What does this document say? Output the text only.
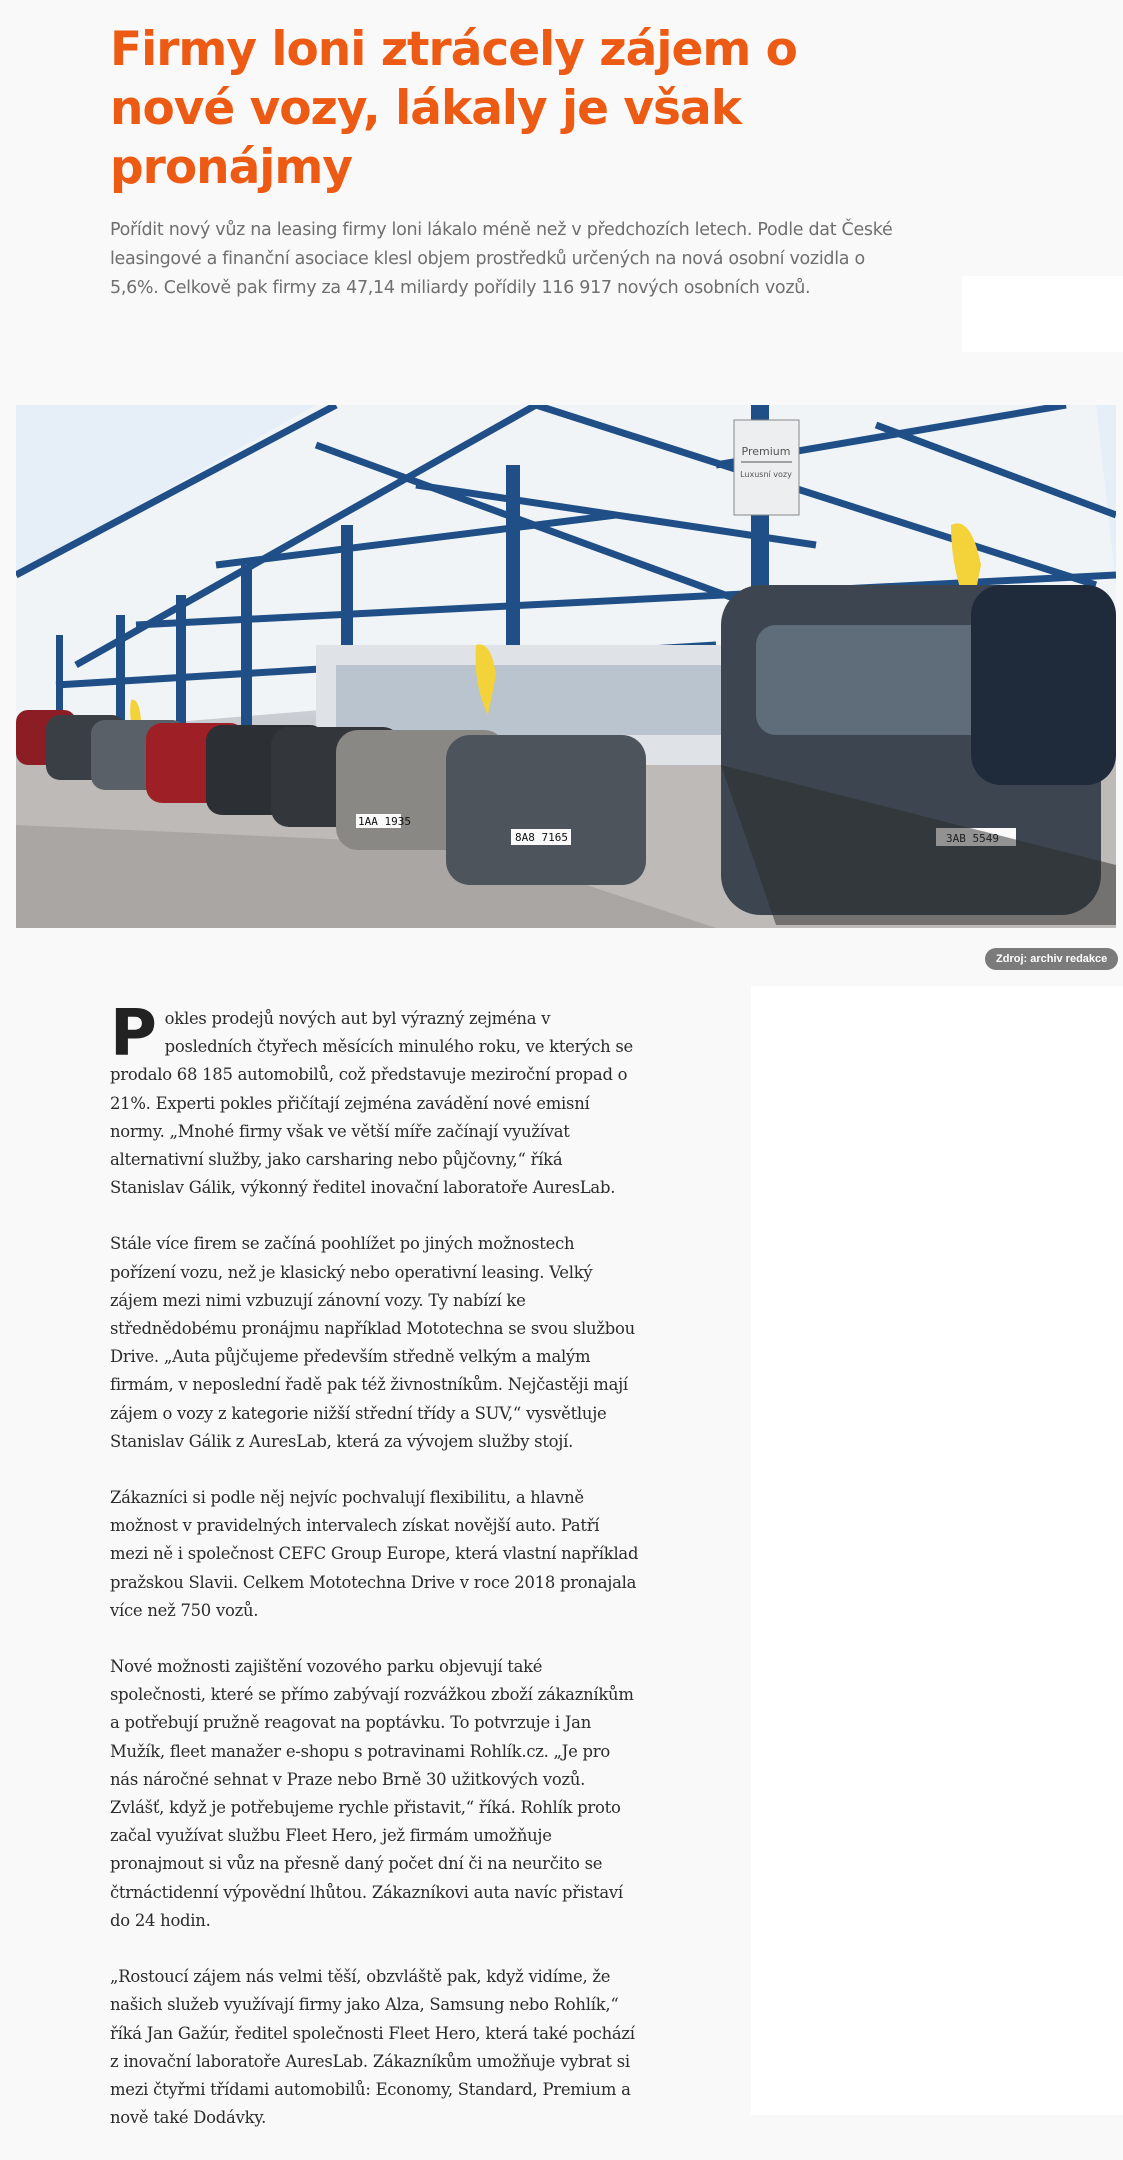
Firmy loni ztrácely zájem o nové vozy, lákaly je však pronájmy

Pořídit nový vůz na leasing firmy loni lákalo méně než v předchozích letech. Podle dat České leasingové a finanční asociace klesl objem prostředků určených na nová osobní vozidla o 5,6%. Celkově pak firmy za 47,14 miliardy pořídily 116 917 nových osobních vozů.

Premium
Luxusní vozy
1AA 1935
8A8 7165
Zdroj: archiv redakce

Pokles prodejů nových aut byl výrazný zejména v posledních čtyřech měsících minulého roku, ve kterých se prodalo 68 185 automobilů, což představuje meziroční propad o 21%. Experti pokles přičítají zejména zavádění nové emisní normy. „Mnohé firmy však ve větší míře začínají využívat alternativní služby, jako carsharing nebo půjčovny,“ říká Stanislav Gálik, výkonný ředitel inovační laboratoře AuresLab.

Stále více firem se začíná poohlížet po jiných možnostech pořízení vozu, než je klasický nebo operativní leasing. Velký zájem mezi nimi vzbuzují zánovní vozy. Ty nabízí ke střednědobému pronájmu například Mototechna se svou službou Drive. „Auta půjčujeme především středně velkým a malým firmám, v neposlední řadě pak též živnostníkům. Nejčastěji mají zájem o vozy z kategorie nižší střední třídy a SUV,“ vysvětluje Stanislav Gálik z AuresLab, která za vývojem služby stojí.

Zákazníci si podle něj nejvíc pochvalují flexibilitu, a hlavně možnost v pravidelných intervalech získat novější auto. Patří mezi ně i společnost CEFC Group Europe, která vlastní například pražskou Slavii. Celkem Mototechna Drive v roce 2018 pronajala více než 750 vozů.

Nové možnosti zajištění vozového parku objevují také společnosti, které se přímo zabývají rozvážkou zboží zákazníkům a potřebují pružně reagovat na poptávku. To potvrzuje i Jan Mužík, fleet manažer e-shopu s potravinami Rohlík.cz. „Je pro nás náročné sehnat v Praze nebo Brně 30 užitkových vozů. Zvlášť, když je potřebujeme rychle přistavit,“ říká. Rohlík proto začal využívat službu Fleet Hero, jež firmám umožňuje pronajmout si vůz na přesně daný počet dní či na neurčito se čtrnáctidenní výpovědní lhůtou. Zákazníkovi auta navíc přistaví do 24 hodin.

„Rostoucí zájem nás velmi těší, obzvláště pak, když vidíme, že našich služeb využívají firmy jako Alza, Samsung nebo Rohlík,“ říká Jan Gažúr, ředitel společnosti Fleet Hero, která také pochází z inovační laboratoře AuresLab. Zákazníkům umožňuje vybrat si mezi čtyřmi třídami automobilů: Economy, Standard, Premium a nově také Dodávky.
